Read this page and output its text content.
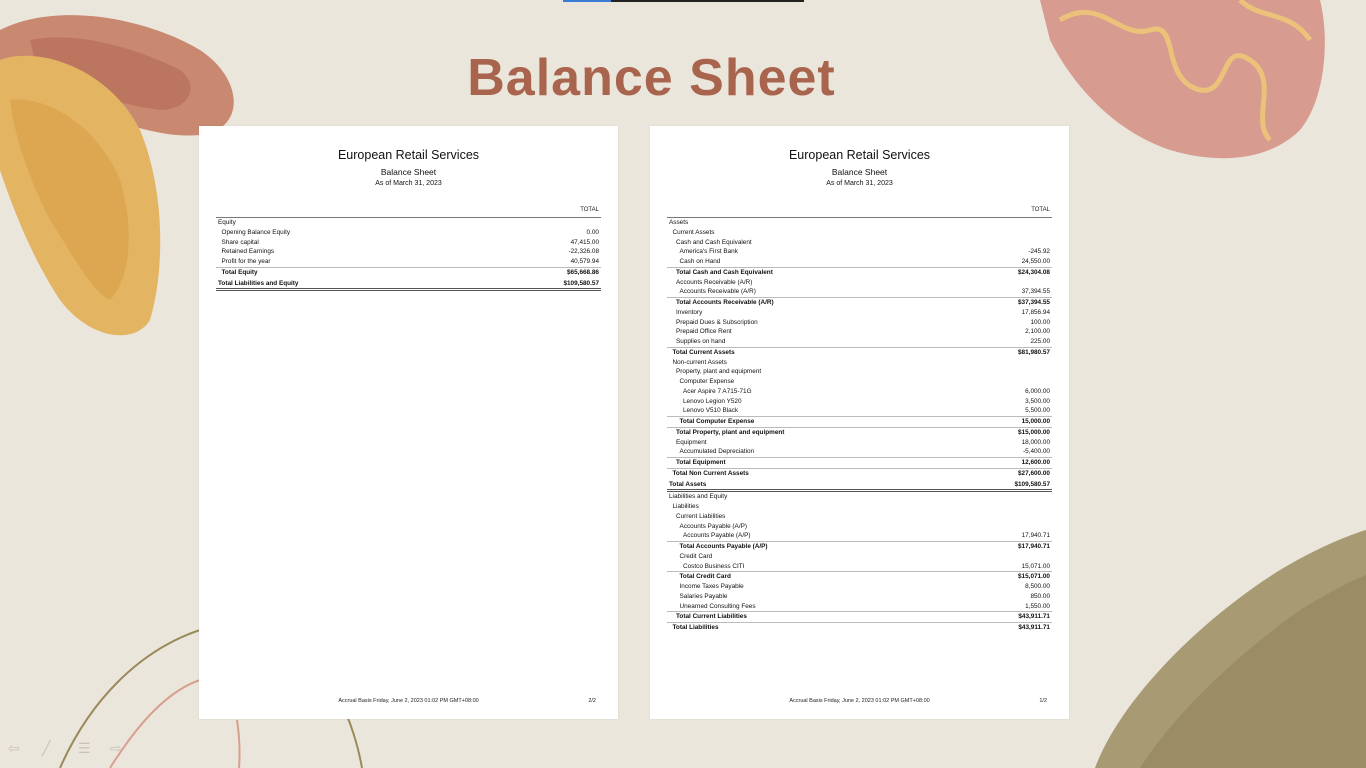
Balance Sheet
European Retail Services
Balance Sheet
As of March 31, 2023
TOTAL
Equity
Opening Balance Equity	0.00
Share capital	47,415.00
Retained Earnings	-22,326.08
Profit for the year	40,579.94
Total Equity	$65,668.86
Total Liabilities and Equity	$109,580.57
Accrual Basis Friday, June 2, 2023 01:02 PM GMT+08:00	2/2
European Retail Services
Balance Sheet
As of March 31, 2023
TOTAL
Assets
Current Assets
Cash and Cash Equivalent
America's First Bank	-245.92
Cash on Hand	24,550.00
Total Cash and Cash Equivalent	$24,304.08
Accounts Receivable (A/R)
Accounts Receivable (A/R)	37,394.55
Total Accounts Receivable (A/R)	$37,394.55
Inventory	17,856.94
Prepaid Dues & Subscription	100.00
Prepaid Office Rent	2,100.00
Supplies on hand	225.00
Total Current Assets	$81,980.57
Non-current Assets
Property, plant and equipment
Computer Expense
Acer Aspire 7 A715-71G	6,000.00
Lenovo Legion Y520	3,500.00
Lenovo V510 Black	5,500.00
Total Computer Expense	15,000.00
Total Property, plant and equipment	$15,000.00
Equipment	18,000.00
Accumulated Depreciation	-5,400.00
Total Equipment	12,600.00
Total Non Current Assets	$27,600.00
Total Assets	$109,580.57
Liabilities and Equity
Liabilities
Current Liabilities
Accounts Payable (A/P)
Accounts Payable (A/P)	17,940.71
Total Accounts Payable (A/P)	$17,940.71
Credit Card
Costco Business CITI	15,071.00
Total Credit Card	$15,071.00
Income Taxes Payable	8,500.00
Salaries Payable	850.00
Unearned Consulting Fees	1,550.00
Total Current Liabilities	$43,911.71
Total Liabilities	$43,911.71
Accrual Basis Friday, June 2, 2023 01:02 PM GMT+08:00	1/2
⇦ ╱ ☰ ⇨
